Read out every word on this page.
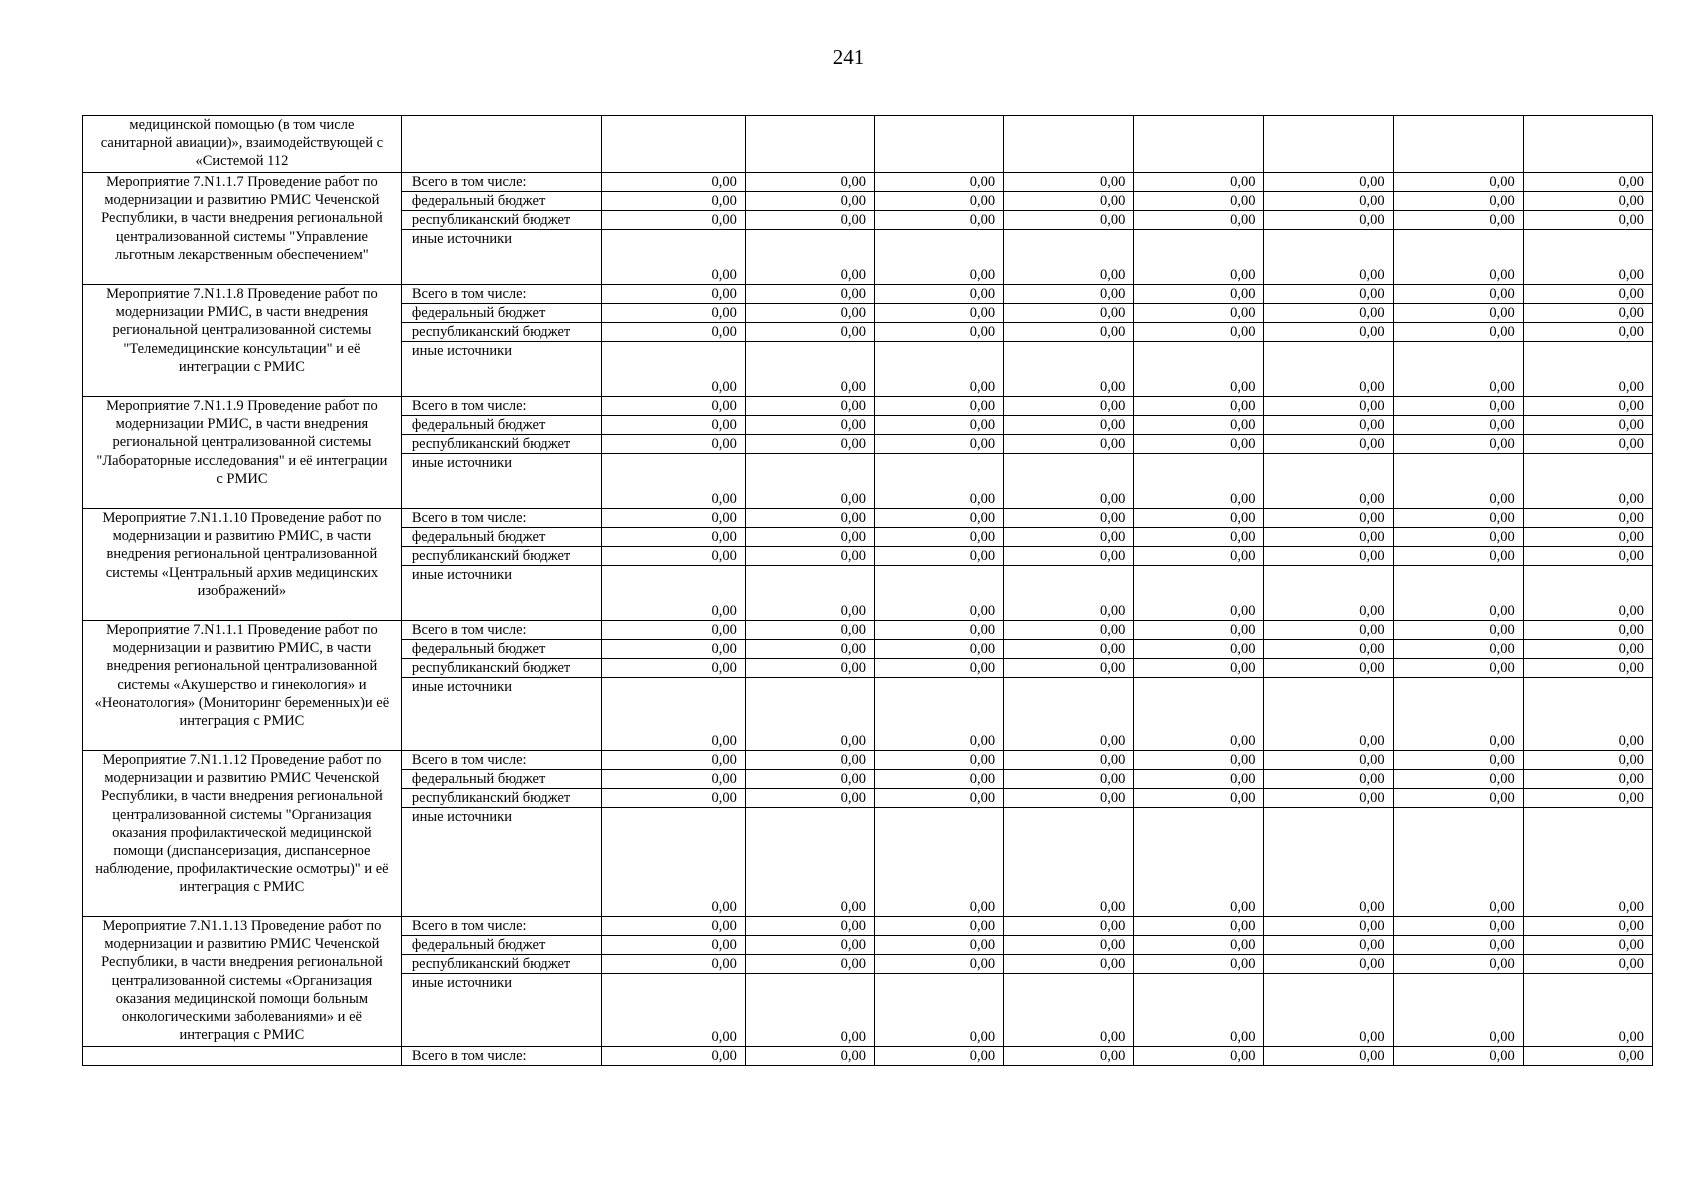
241
медицинской помощью (в том числе санитарной авиации)», взаимодействующей с «Системой 112									
Мероприятие 7.N1.1.7 Проведение работ по модернизации и развитию РМИС Чеченской Республики, в части внедрения региональной централизованной системы "Управление льготным лекарственным обеспечением"	Всего в том числе:	0,00	0,00	0,00	0,00	0,00	0,00	0,00	0,00
	федеральный бюджет	0,00	0,00	0,00	0,00	0,00	0,00	0,00	0,00
	республиканский бюджет	0,00	0,00	0,00	0,00	0,00	0,00	0,00	0,00
	иные источники	0,00	0,00	0,00	0,00	0,00	0,00	0,00	0,00
Мероприятие 7.N1.1.8 Проведение работ по модернизации РМИС, в части внедрения региональной централизованной системы "Телемедицинские консультации" и её интеграции с РМИС	Всего в том числе:	0,00	0,00	0,00	0,00	0,00	0,00	0,00	0,00
	федеральный бюджет	0,00	0,00	0,00	0,00	0,00	0,00	0,00	0,00
	республиканский бюджет	0,00	0,00	0,00	0,00	0,00	0,00	0,00	0,00
	иные источники	0,00	0,00	0,00	0,00	0,00	0,00	0,00	0,00
Мероприятие 7.N1.1.9 Проведение работ по модернизации РМИС, в части внедрения региональной централизованной системы "Лабораторные исследования" и её интеграции с РМИС	Всего в том числе:	0,00	0,00	0,00	0,00	0,00	0,00	0,00	0,00
	федеральный бюджет	0,00	0,00	0,00	0,00	0,00	0,00	0,00	0,00
	республиканский бюджет	0,00	0,00	0,00	0,00	0,00	0,00	0,00	0,00
	иные источники	0,00	0,00	0,00	0,00	0,00	0,00	0,00	0,00
Мероприятие 7.N1.1.10 Проведение работ по модернизации и развитию РМИС, в части внедрения региональной централизованной системы «Центральный архив медицинских изображений»	Всего в том числе:	0,00	0,00	0,00	0,00	0,00	0,00	0,00	0,00
	федеральный бюджет	0,00	0,00	0,00	0,00	0,00	0,00	0,00	0,00
	республиканский бюджет	0,00	0,00	0,00	0,00	0,00	0,00	0,00	0,00
	иные источники	0,00	0,00	0,00	0,00	0,00	0,00	0,00	0,00
Мероприятие 7.N1.1.1 Проведение работ по модернизации и развитию РМИС, в части внедрения региональной централизованной системы «Акушерство и гинекология» и «Неонатология» (Мониторинг беременных)и её интеграция с РМИС	Всего в том числе:	0,00	0,00	0,00	0,00	0,00	0,00	0,00	0,00
	федеральный бюджет	0,00	0,00	0,00	0,00	0,00	0,00	0,00	0,00
	республиканский бюджет	0,00	0,00	0,00	0,00	0,00	0,00	0,00	0,00
	иные источники	0,00	0,00	0,00	0,00	0,00	0,00	0,00	0,00
Мероприятие 7.N1.1.12 Проведение работ по модернизации и развитию РМИС Чеченской Республики, в части внедрения региональной централизованной системы "Организация оказания профилактической медицинской помощи (диспансеризация, диспансерное наблюдение, профилактические осмотры)" и её интеграция с РМИС	Всего в том числе:	0,00	0,00	0,00	0,00	0,00	0,00	0,00	0,00
	федеральный бюджет	0,00	0,00	0,00	0,00	0,00	0,00	0,00	0,00
	республиканский бюджет	0,00	0,00	0,00	0,00	0,00	0,00	0,00	0,00
	иные источники	0,00	0,00	0,00	0,00	0,00	0,00	0,00	0,00
Мероприятие 7.N1.1.13 Проведение работ по модернизации и развитию РМИС Чеченской Республики, в части внедрения региональной централизованной системы «Организация оказания медицинской помощи больным онкологическими заболеваниями» и её интеграция с РМИС	Всего в том числе:	0,00	0,00	0,00	0,00	0,00	0,00	0,00	0,00
	федеральный бюджет	0,00	0,00	0,00	0,00	0,00	0,00	0,00	0,00
	республиканский бюджет	0,00	0,00	0,00	0,00	0,00	0,00	0,00	0,00
	иные источники	0,00	0,00	0,00	0,00	0,00	0,00	0,00	0,00
	Всего в том числе:	0,00	0,00	0,00	0,00	0,00	0,00	0,00	0,00
